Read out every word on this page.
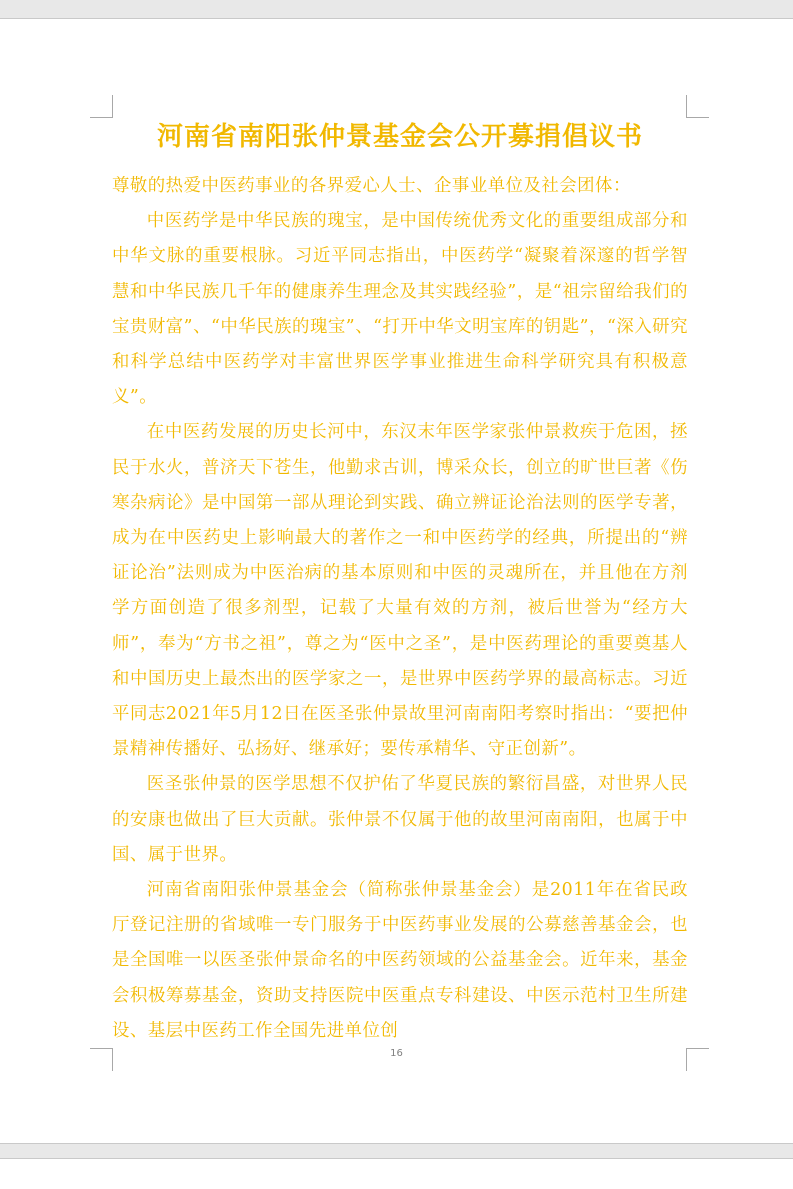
河南省南阳张仲景基金会公开募捐倡议书

尊敬的热爱中医药事业的各界爱心人士、企事业单位及社会团体：

中医药学是中华民族的瑰宝，是中国传统优秀文化的重要组成部分和中华文脉的重要根脉。习近平同志指出，中医药学“凝聚着深邃的哲学智慧和中华民族几千年的健康养生理念及其实践经验”，是“祖宗留给我们的宝贵财富”、“中华民族的瑰宝”、“打开中华文明宝库的钥匙”，“深入研究和科学总结中医药学对丰富世界医学事业推进生命科学研究具有积极意义”。

在中医药发展的历史长河中，东汉末年医学家张仲景救疾于危困，拯民于水火，普济天下苍生，他勤求古训，博采众长，创立的旷世巨著《伤寒杂病论》是中国第一部从理论到实践、确立辨证论治法则的医学专著，成为在中医药史上影响最大的著作之一和中医药学的经典，所提出的“辨证论治”法则成为中医治病的基本原则和中医的灵魂所在，并且他在方剂学方面创造了很多剂型，记载了大量有效的方剂，被后世誉为“经方大师”，奉为“方书之祖”，尊之为“医中之圣”，是中医药理论的重要奠基人和中国历史上最杰出的医学家之一，是世界中医药学界的最高标志。习近平同志2021年5月12日在医圣张仲景故里河南南阳考察时指出：“要把仲景精神传播好、弘扬好、继承好；要传承精华、守正创新”。

医圣张仲景的医学思想不仅护佑了华夏民族的繁衍昌盛，对世界人民的安康也做出了巨大贡献。张仲景不仅属于他的故里河南南阳，也属于中国、属于世界。

河南省南阳张仲景基金会（简称张仲景基金会）是2011年在省民政厅登记注册的省域唯一专门服务于中医药事业发展的公募慈善基金会，也是全国唯一以医圣张仲景命名的中医药领域的公益基金会。近年来，基金会积极筹募基金，资助支持医院中医重点专科建设、中医示范村卫生所建设、基层中医药工作全国先进单位创

16
